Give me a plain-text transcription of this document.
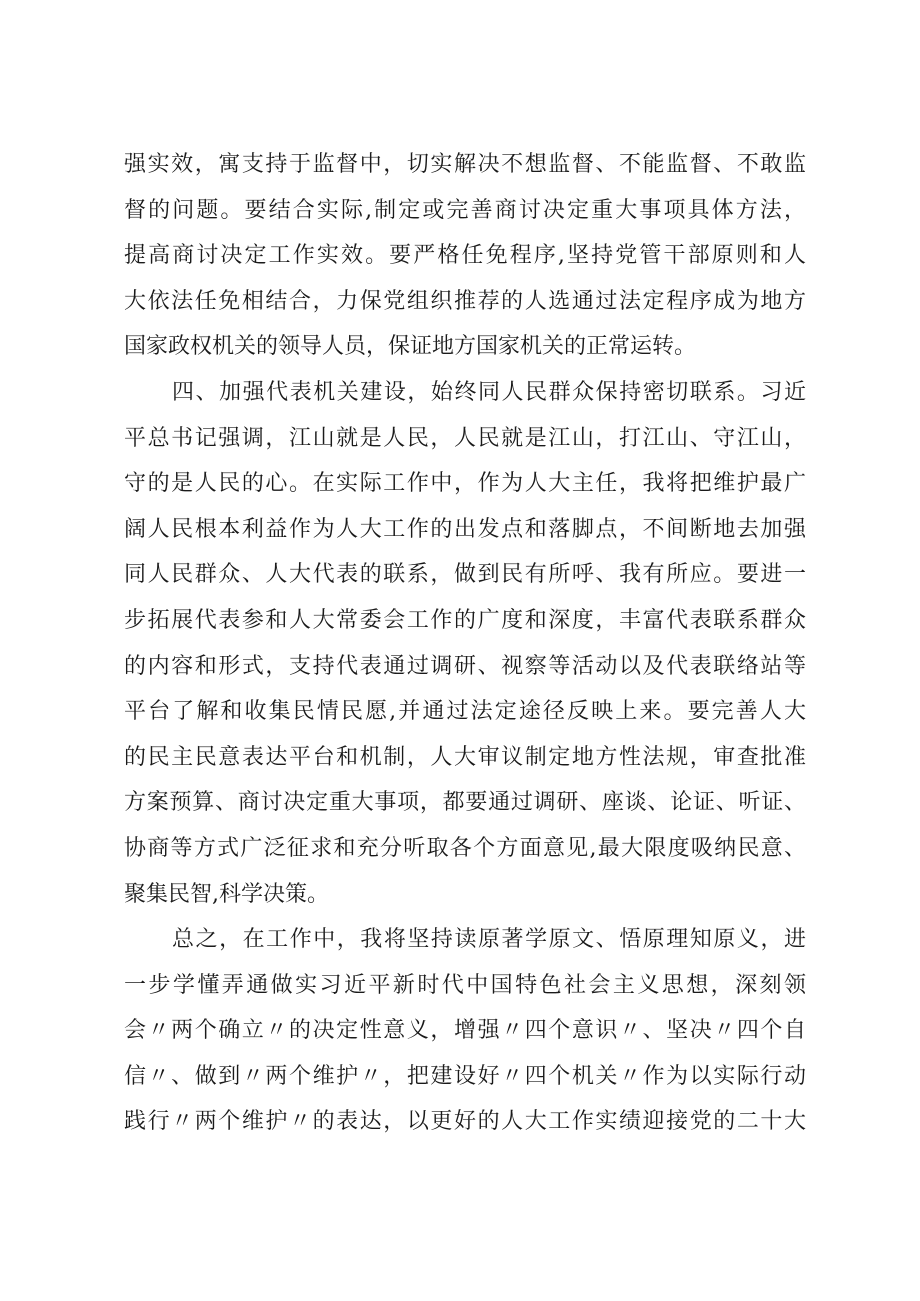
强实效，寓支持于监督中，切实解决不想监督、不能监督、不敢监
督的问题。要结合实际,制定或完善商讨决定重大事项具体方法，
提高商讨决定工作实效。要严格任免程序,坚持党管干部原则和人
大依法任免相结合，力保党组织推荐的人选通过法定程序成为地方
国家政权机关的领导人员，保证地方国家机关的正常运转。
四、加强代表机关建设，始终同人民群众保持密切联系。习近
平总书记强调，江山就是人民，人民就是江山，打江山、守江山，
守的是人民的心。在实际工作中，作为人大主任，我将把维护最广
阔人民根本利益作为人大工作的出发点和落脚点，不间断地去加强
同人民群众、人大代表的联系，做到民有所呼、我有所应。要进一
步拓展代表参和人大常委会工作的广度和深度，丰富代表联系群众
的内容和形式，支持代表通过调研、视察等活动以及代表联络站等
平台了解和收集民情民愿,并通过法定途径反映上来。要完善人大
的民主民意表达平台和机制，人大审议制定地方性法规，审查批准
方案预算、商讨决定重大事项，都要通过调研、座谈、论证、听证、
协商等方式广泛征求和充分听取各个方面意见,最大限度吸纳民意、
聚集民智,科学决策。
总之，在工作中，我将坚持读原著学原文、悟原理知原义，进
一步学懂弄通做实习近平新时代中国特色社会主义思想，深刻领
会〃两个确立〃的决定性意义，增强〃四个意识〃、坚决〃四个自
信〃、做到〃两个维护〃，把建设好〃四个机关〃作为以实际行动
践行〃两个维护〃的表达，以更好的人大工作实绩迎接党的二十大
